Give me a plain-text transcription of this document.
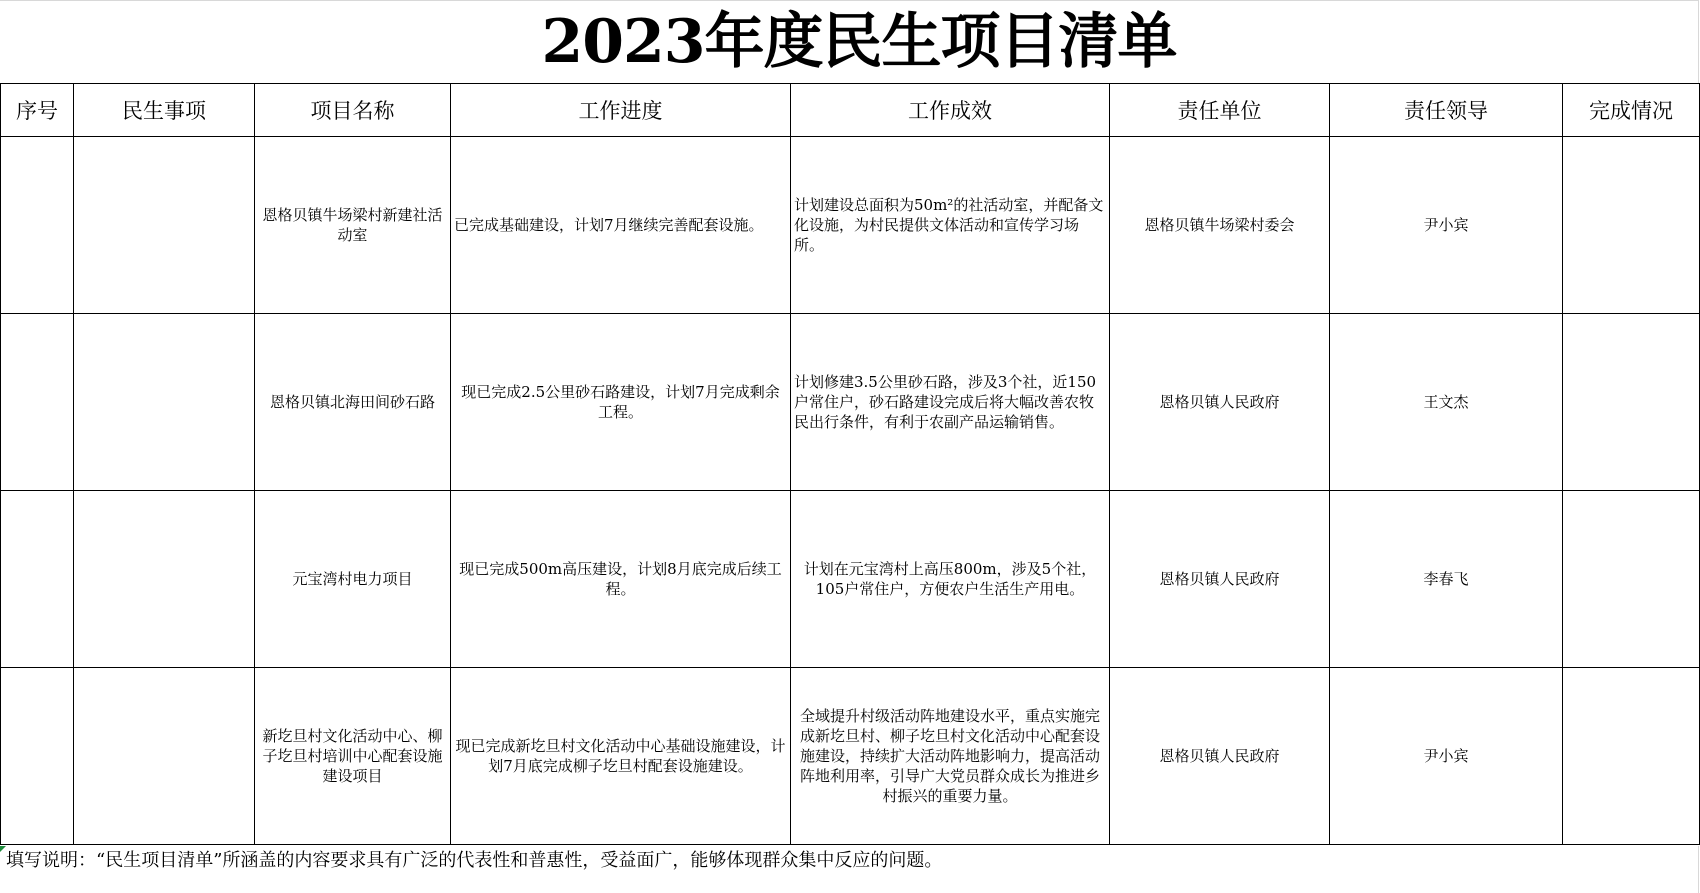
2023年度民生项目清单
序号	民生事项	项目名称	工作进度	工作成效	责任单位	责任领导	完成情况
		恩格贝镇牛场梁村新建社活动室	已完成基础建设，计划7月继续完善配套设施。	计划建设总面积为50m²的社活动室，并配备文化设施，为村民提供文体活动和宣传学习场所。	恩格贝镇牛场梁村委会	尹小宾	
		恩格贝镇北海田间砂石路	现已完成2.5公里砂石路建设，计划7月完成剩余工程。	计划修建3.5公里砂石路，涉及3个社，近150户常住户，砂石路建设完成后将大幅改善农牧民出行条件，有利于农副产品运输销售。	恩格贝镇人民政府	王文杰	
		元宝湾村电力项目	现已完成500m高压建设，计划8月底完成后续工程。	计划在元宝湾村上高压800m，涉及5个社，105户常住户，方便农户生活生产用电。	恩格贝镇人民政府	李春飞	
		新圪旦村文化活动中心、柳子圪旦村培训中心配套设施建设项目	现已完成新圪旦村文化活动中心基础设施建设，计划7月底完成柳子圪旦村配套设施建设。	全域提升村级活动阵地建设水平，重点实施完成新圪旦村、柳子圪旦村文化活动中心配套设施建设，持续扩大活动阵地影响力，提高活动阵地利用率，引导广大党员群众成长为推进乡村振兴的重要力量。	恩格贝镇人民政府	尹小宾	
填写说明：“民生项目清单”所涵盖的内容要求具有广泛的代表性和普惠性，受益面广，能够体现群众集中反应的问题。
